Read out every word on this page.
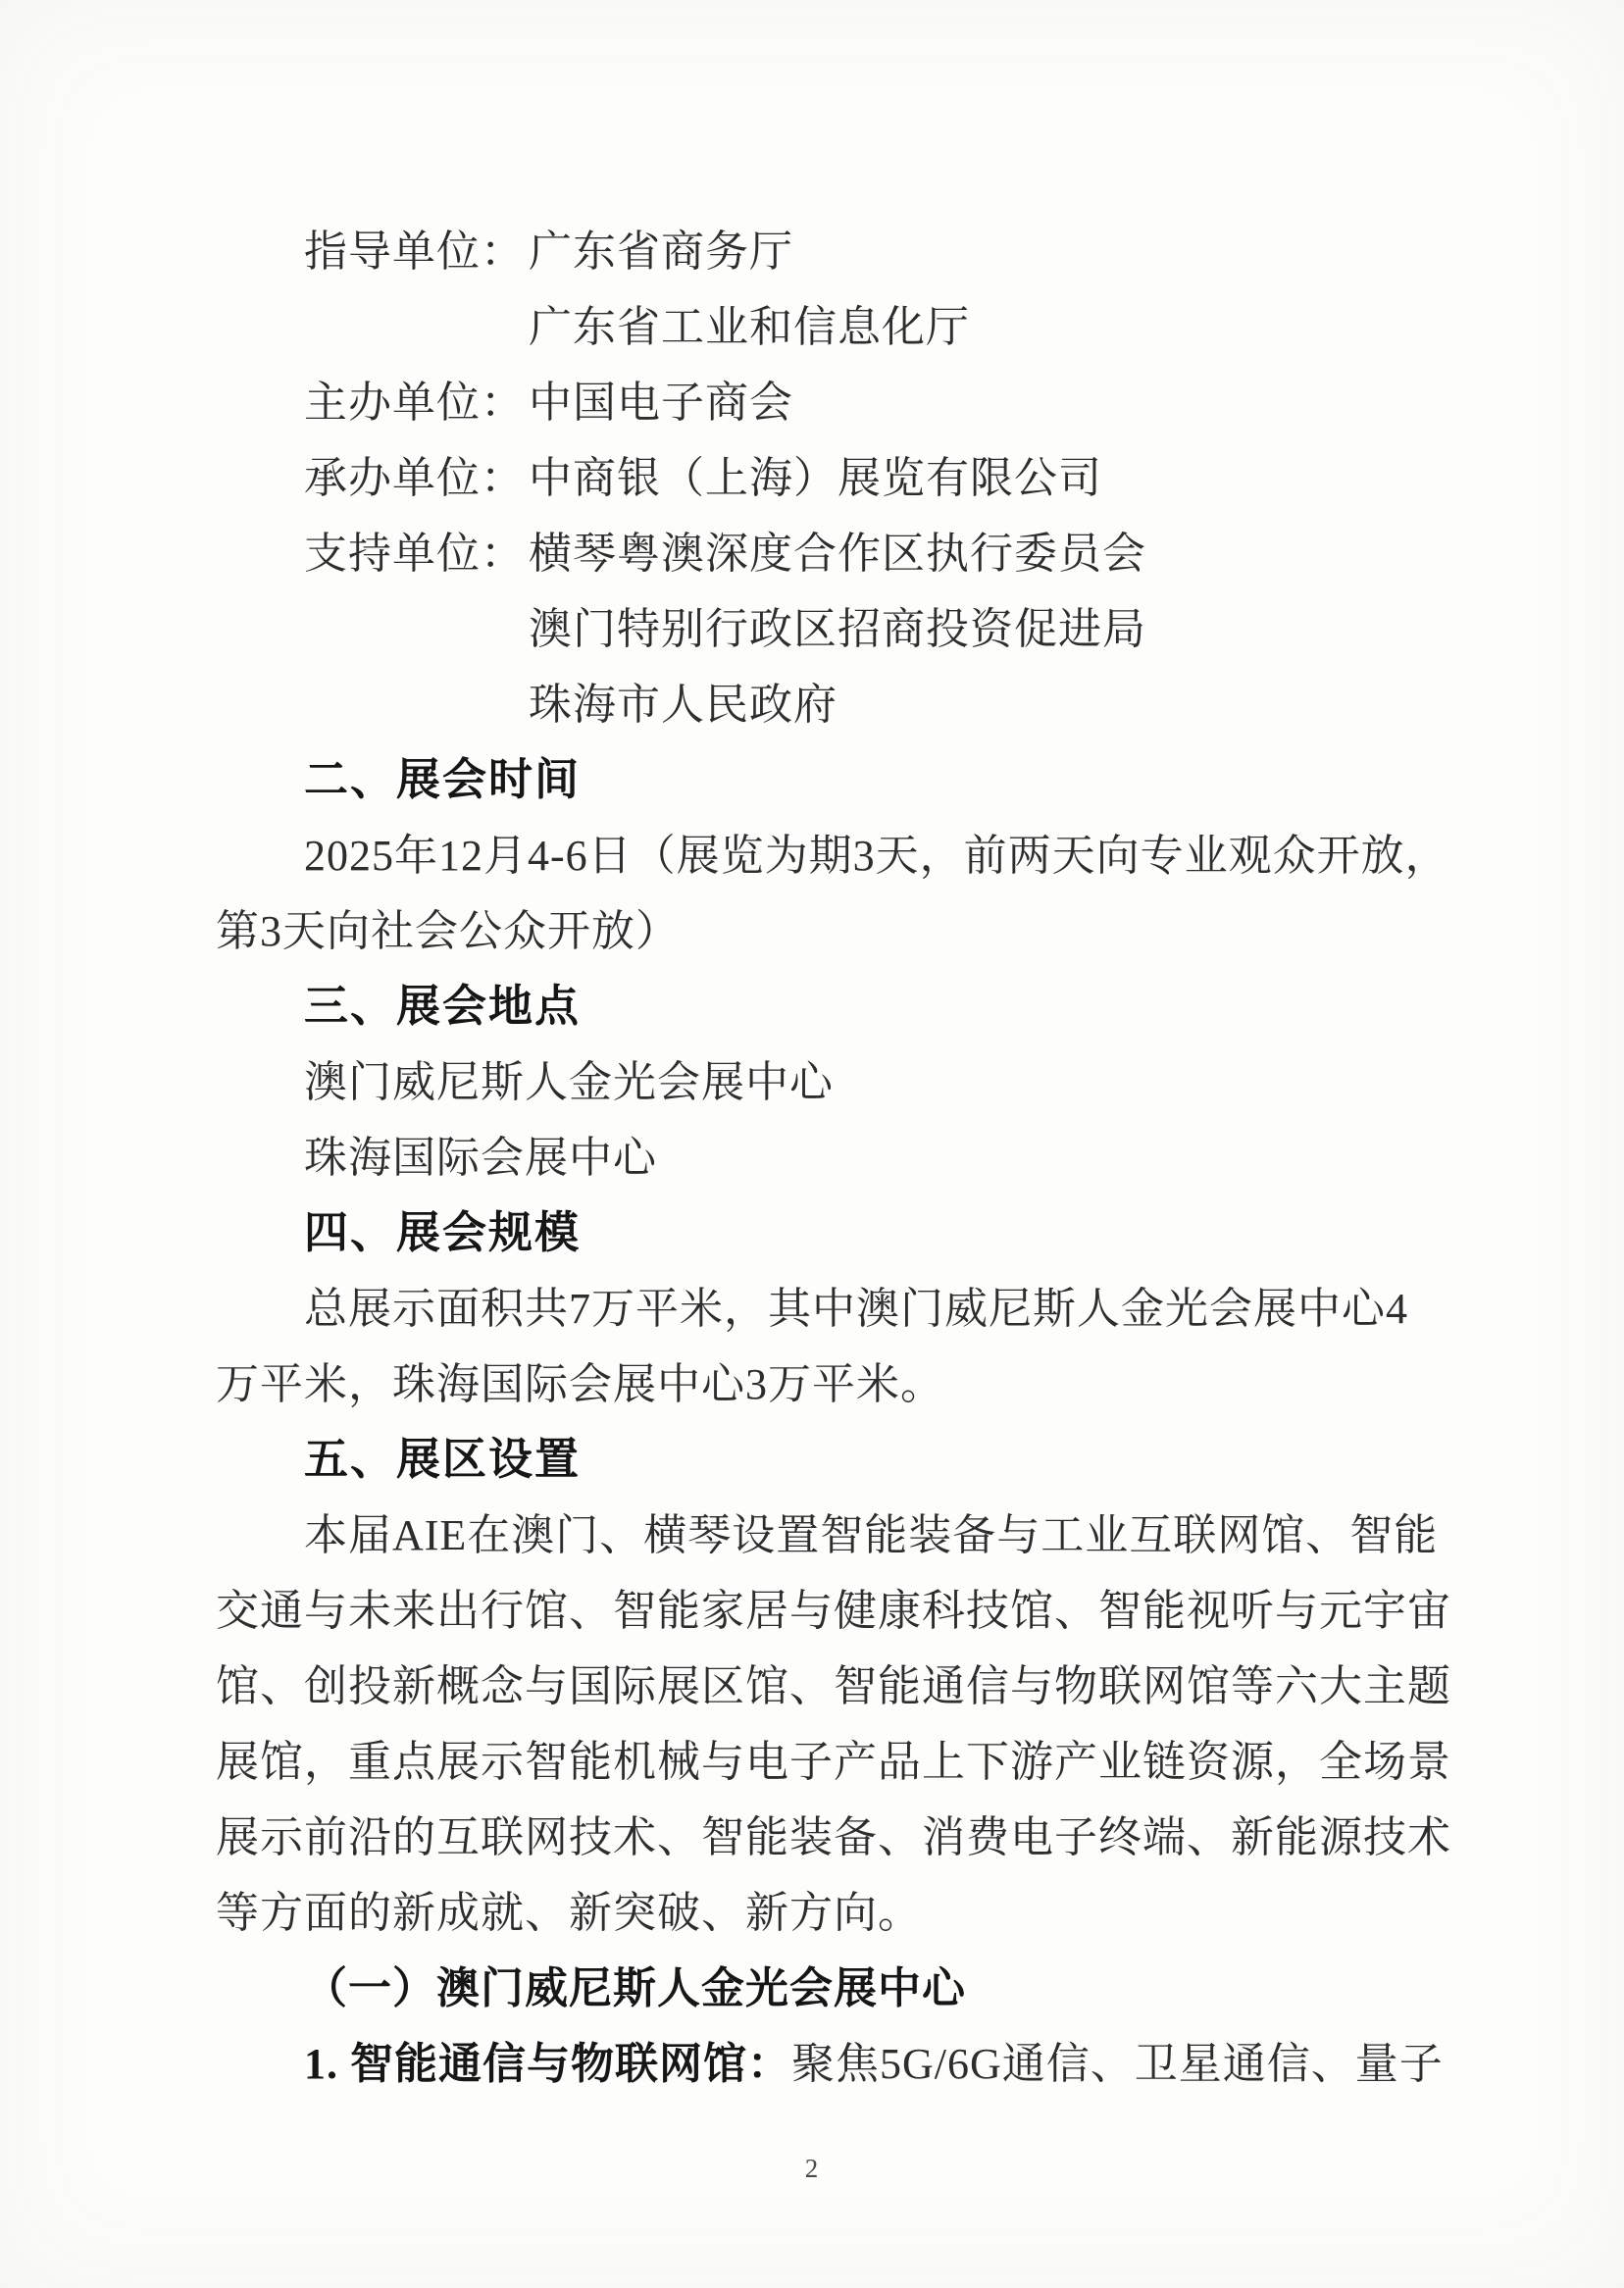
指导单位：广东省商务厅
广东省工业和信息化厅
主办单位：中国电子商会
承办单位：中商银（上海）展览有限公司
支持单位：横琴粤澳深度合作区执行委员会
澳门特别行政区招商投资促进局
珠海市人民政府
二、展会时间
2025年12月4-6日（展览为期3天，前两天向专业观众开放，
第3天向社会公众开放）
三、展会地点
澳门威尼斯人金光会展中心
珠海国际会展中心
四、展会规模
总展示面积共7万平米，其中澳门威尼斯人金光会展中心4
万平米，珠海国际会展中心3万平米。
五、展区设置
本届AIE在澳门、横琴设置智能装备与工业互联网馆、智能
交通与未来出行馆、智能家居与健康科技馆、智能视听与元宇宙
馆、创投新概念与国际展区馆、智能通信与物联网馆等六大主题
展馆，重点展示智能机械与电子产品上下游产业链资源，全场景
展示前沿的互联网技术、智能装备、消费电子终端、新能源技术
等方面的新成就、新突破、新方向。
（一）澳门威尼斯人金光会展中心
1. 智能通信与物联网馆：聚焦5G/6G通信、卫星通信、量子
2
